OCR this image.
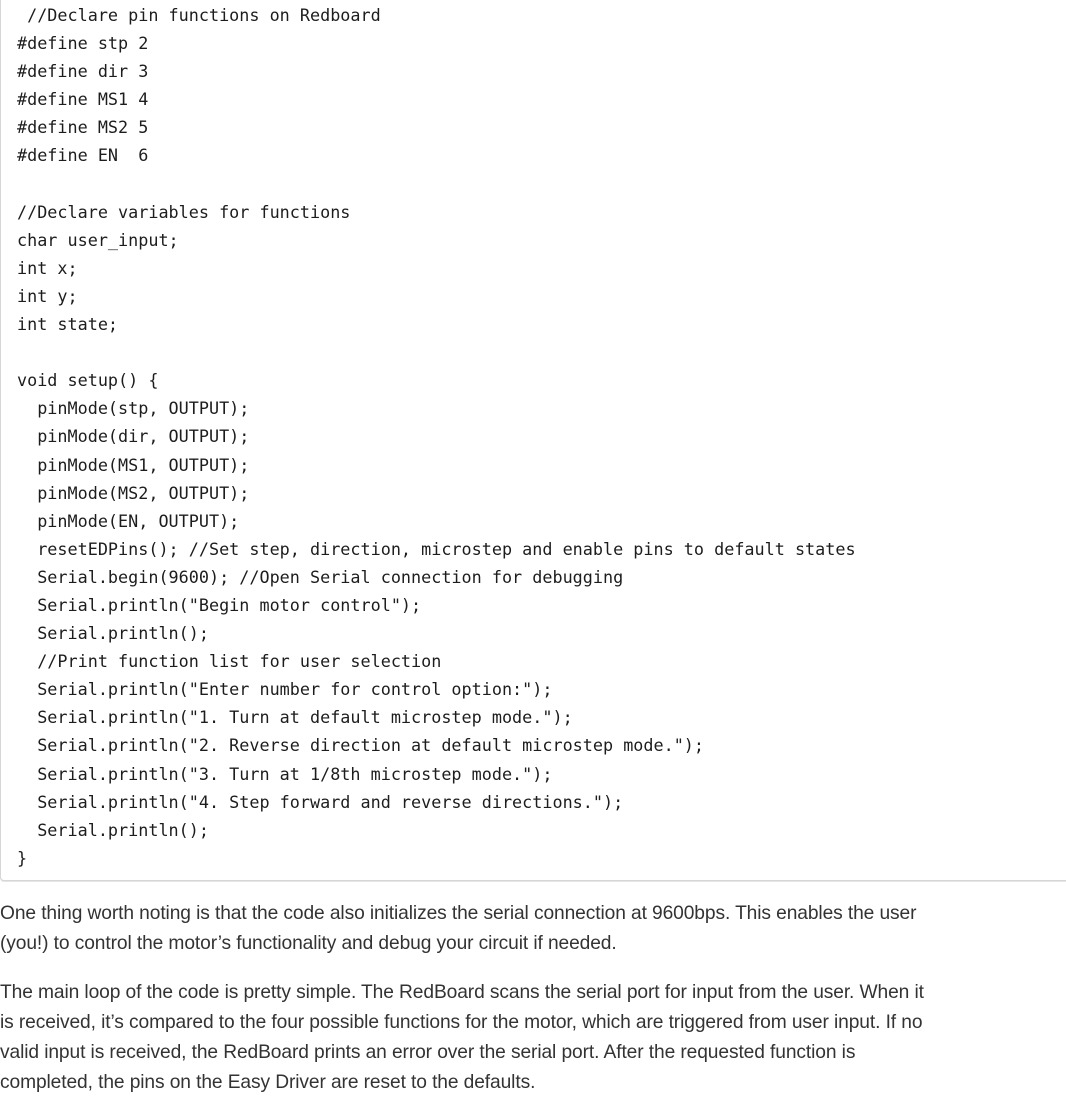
//Declare pin functions on Redboard
#define stp 2
#define dir 3
#define MS1 4
#define MS2 5
#define EN  6
//Declare variables for functions
char user_input;
int x;
int y;
int state;
void setup() {
pinMode(stp, OUTPUT);
pinMode(dir, OUTPUT);
pinMode(MS1, OUTPUT);
pinMode(MS2, OUTPUT);
pinMode(EN, OUTPUT);
resetEDPins(); //Set step, direction, microstep and enable pins to default states
Serial.begin(9600); //Open Serial connection for debugging
Serial.println("Begin motor control");
Serial.println();
//Print function list for user selection
Serial.println("Enter number for control option:");
Serial.println("1. Turn at default microstep mode.");
Serial.println("2. Reverse direction at default microstep mode.");
Serial.println("3. Turn at 1/8th microstep mode.");
Serial.println("4. Step forward and reverse directions.");
Serial.println();
}

One thing worth noting is that the code also initializes the serial connection at 9600bps. This enables the user
(you!) to control the motor’s functionality and debug your circuit if needed.

The main loop of the code is pretty simple. The RedBoard scans the serial port for input from the user. When it
is received, it’s compared to the four possible functions for the motor, which are triggered from user input. If no
valid input is received, the RedBoard prints an error over the serial port. After the requested function is
completed, the pins on the Easy Driver are reset to the defaults.
